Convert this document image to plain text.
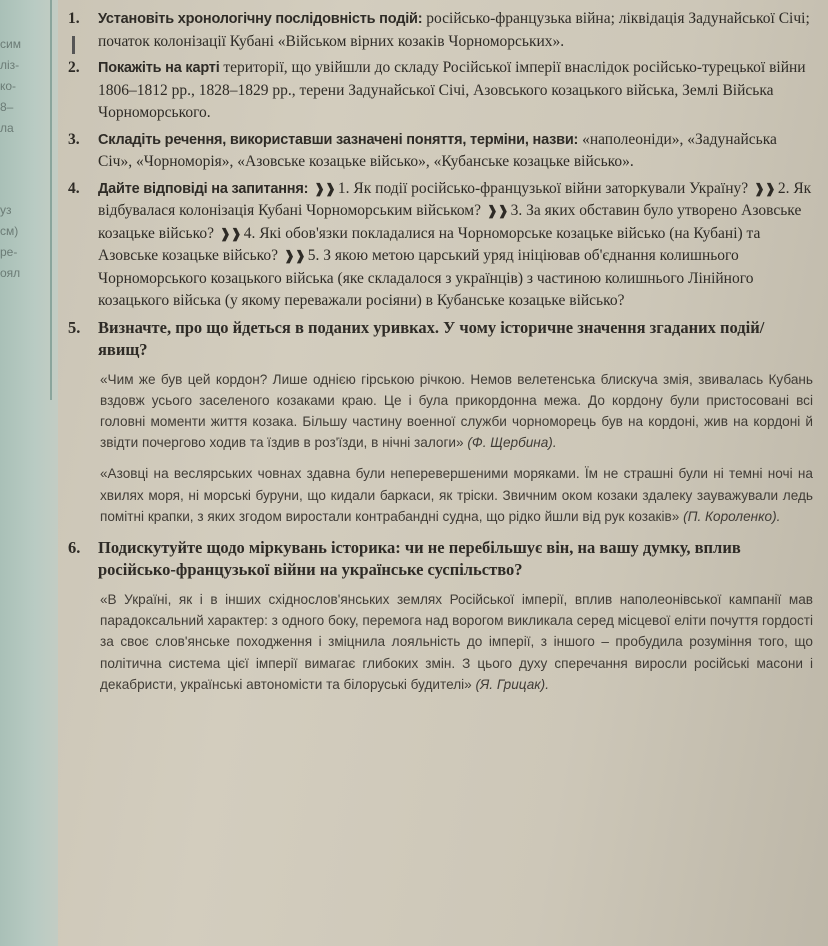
сим
ліз-
ко-
8–
ла
уз
см)
ре-
оял
1. Установіть хронологічну послідовність подій: російсько-французька війна; ліквідація Задунайської Січі; початок колонізації Кубані «Військом вірних козаків Чорноморських».
2. Покажіть на карті території, що увійшли до складу Російської імперії внаслідок російсько-турецької війни 1806–1812 рр., 1828–1829 рр., терени Задунайської Січі, Азовського козацького війська, Землі Війська Чорноморського.
3. Складіть речення, використавши зазначені поняття, терміни, назви: «наполеоніди», «Задунайська Січ», «Чорноморія», «Азовське козацьке військо», «Кубанське козацьке військо».
4. Дайте відповіді на запитання: ❱❱ 1. Як події російсько-французької війни заторкували Україну? ❱❱ 2. Як відбувалася колонізація Кубані Чорноморським військом? ❱❱ 3. За яких обставин було утворено Азовське козацьке військо? ❱❱ 4. Які обов'язки покладалися на Чорноморське козацьке військо (на Кубані) та Азовське козацьке військо? ❱❱ 5. З якою метою царський уряд ініціював об'єднання колишнього Чорноморського козацького війська (яке складалося з українців) з частиною колишнього Лінійного козацького війська (у якому переважали росіяни) в Кубанське козацьке військо?
5. Визначте, про що йдеться в поданих уривках. У чому історичне значення згаданих подій/явищ?
«Чим же був цей кордон? Лише однією гірською річкою. Немов велетенська блискуча змія, звивалась Кубань вздовж усього заселеного козаками краю. Це і була прикордонна межа. До кордону були пристосовані всі головні моменти життя козака. Більшу частину военної служби чорноморець був на кордоні, жив на кордоні й звідти почергово ходив та їздив в роз'їзди, в нічні залоги» (Ф. Щербина).
«Азовці на веслярських човнах здавна були неперевершеними моряками. Їм не страшні були ні темні ночі на хвилях моря, ні морські буруни, що кидали баркаси, як тріски. Звичним оком козаки здалеку зауважували ледь помітні крапки, з яких згодом виростали контрабандні судна, що рідко йшли від рук козаків» (П. Короленко).
6. Подискутуйте щодо міркувань історика: чи не перебільшує він, на вашу думку, вплив російсько-французької війни на українське суспільство?
«В Україні, як і в інших східнослов'янських землях Російської імперії, вплив наполеонівської кампанії мав парадоксальний характер: з одного боку, перемога над ворогом викликала серед місцевої еліти почуття гордості за своє слов'янське походження і зміцнила лояльність до імперії, з іншого – пробудила розуміння того, що політична система цієї імперії вимагає глибоких змін. З цього духу сперечання виросли російські масони і декабристи, українські автономісти та білоруські будителі» (Я. Грицак).
